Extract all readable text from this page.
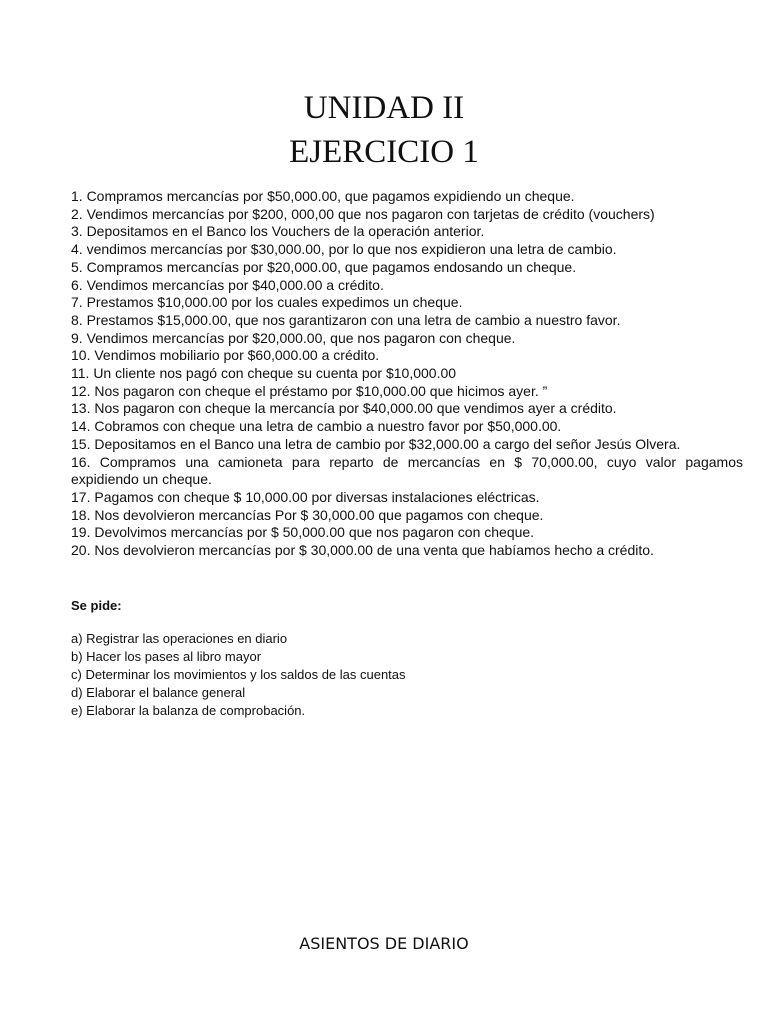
UNIDAD II
EJERCICIO 1
1. Compramos mercancías por $50,000.00, que pagamos expidiendo un cheque.
2. Vendimos mercancías por $200, 000,00 que nos pagaron con tarjetas de crédito (vouchers)
3. Depositamos en el Banco los Vouchers de la operación anterior.
4. vendimos mercancías por $30,000.00, por lo que nos expidieron una letra de cambio.
5. Compramos mercancías por $20,000.00, que pagamos endosando un cheque.
6. Vendimos mercancías por $40,000.00 a crédito.
7. Prestamos $10,000.00 por los cuales expedimos un cheque.
8. Prestamos $15,000.00, que nos garantizaron con una letra de cambio a nuestro favor.
9. Vendimos mercancías por $20,000.00, que nos pagaron con cheque.
10. Vendimos mobiliario por $60,000.00 a crédito.
11. Un cliente nos pagó con cheque su cuenta por $10,000.00
12. Nos pagaron con cheque el préstamo por $10,000.00 que hicimos ayer. ”
13. Nos pagaron con cheque la mercancía por $40,000.00 que vendimos ayer a crédito.
14. Cobramos con cheque una letra de cambio a nuestro favor por $50,000.00.
15. Depositamos en el Banco una letra de cambio por $32,000.00 a cargo del señor Jesús Olvera.
16. Compramos una camioneta para reparto de mercancías en $ 70,000.00, cuyo valor pagamos expidiendo un cheque.
17. Pagamos con cheque $ 10,000.00 por diversas instalaciones eléctricas.
18. Nos devolvieron mercancías Por $ 30,000.00 que pagamos con cheque.
19. Devolvimos mercancías por $ 50,000.00 que nos pagaron con cheque.
20. Nos devolvieron mercancías por $ 30,000.00 de una venta que habíamos hecho a crédito.

Se pide:

a) Registrar las operaciones en diario
b) Hacer los pases al libro mayor
c) Determinar los movimientos y los saldos de las cuentas
d) Elaborar el balance general
e) Elaborar la balanza de comprobación.
ASIENTOS DE DIARIO
